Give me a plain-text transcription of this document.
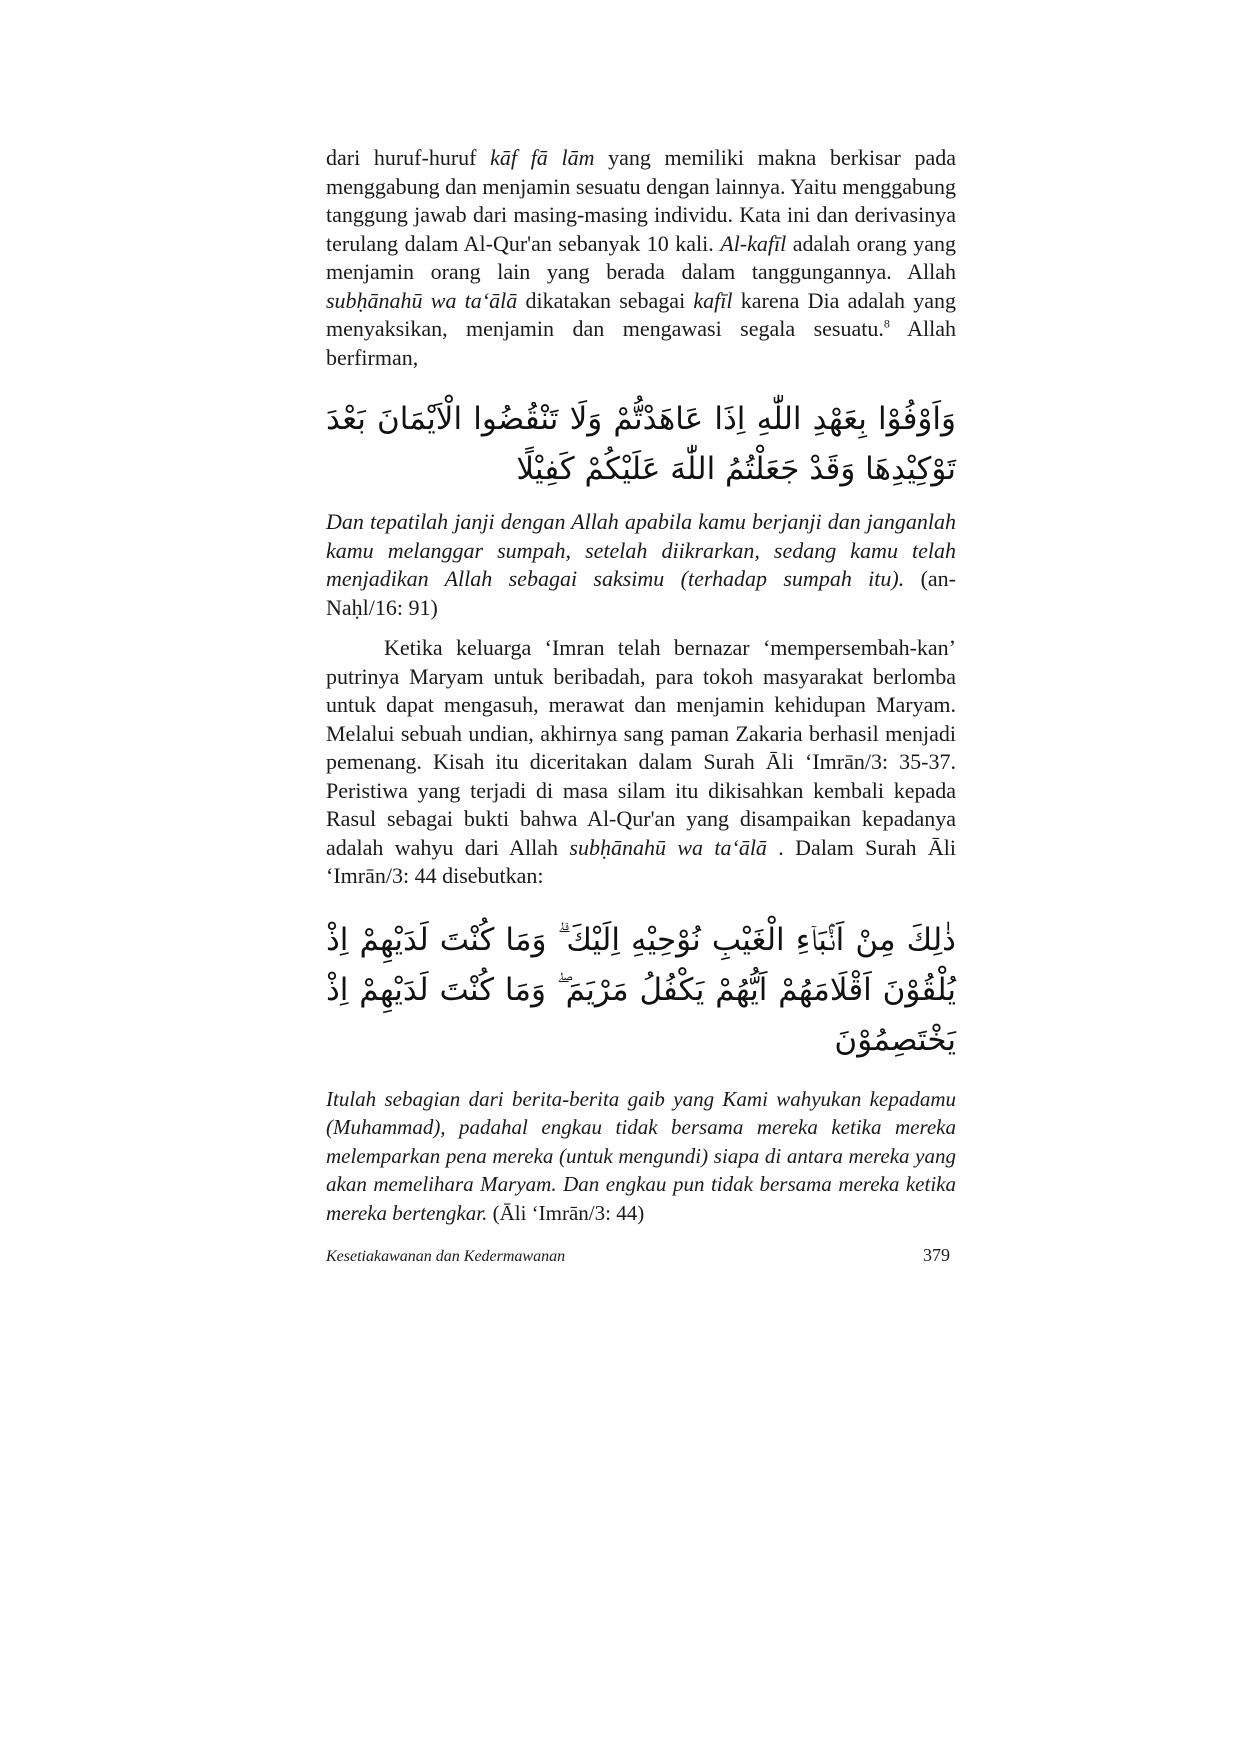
dari huruf-huruf kāf fā lām yang memiliki makna berkisar pada menggabung dan menjamin sesuatu dengan lainnya. Yaitu menggabung tanggung jawab dari masing-masing individu. Kata ini dan derivasinya terulang dalam Al-Qur'an sebanyak 10 kali. Al-kafīl adalah orang yang menjamin orang lain yang berada dalam tanggungannya. Allah subḥānahū wa ta‘ālā dikatakan sebagai kafīl karena Dia adalah yang menyaksikan, menjamin dan mengawasi segala sesuatu.$^8$ Allah berfirman,

وَاَوْفُوْا بِعَهْدِ اللّٰهِ اِذَا عَاهَدْتُّمْ وَلَا تَنْقُضُوا الْاَيْمَانَ بَعْدَ تَوْكِيْدِهَا وَقَدْ جَعَلْتُمُ اللّٰهَ عَلَيْكُمْ كَفِيْلًا

Dan tepatilah janji dengan Allah apabila kamu berjanji dan janganlah kamu melanggar sumpah, setelah diikrarkan, sedang kamu telah menjadikan Allah sebagai saksimu (terhadap sumpah itu). (an-Naḥl/16: 91)

Ketika keluarga ‘Imran telah bernazar ‘mempersembah-kan’ putrinya Maryam untuk beribadah, para tokoh masyarakat berlomba untuk dapat mengasuh, merawat dan menjamin kehidupan Maryam. Melalui sebuah undian, akhirnya sang paman Zakaria berhasil menjadi pemenang. Kisah itu diceritakan dalam Surah Āli ‘Imrān/3: 35-37. Peristiwa yang terjadi di masa silam itu dikisahkan kembali kepada Rasul sebagai bukti bahwa Al-Qur'an yang disampaikan kepadanya adalah wahyu dari Allah subḥānahū wa ta‘ālā . Dalam Surah Āli ‘Imrān/3: 44 disebutkan:

ذٰلِكَ مِنْ اَنْۢبَاۤءِ الْغَيْبِ نُوْحِيْهِ اِلَيْكَ ۗ وَمَا كُنْتَ لَدَيْهِمْ اِذْ يُلْقُوْنَ اَقْلَامَهُمْ اَيُّهُمْ يَكْفُلُ مَرْيَمَ ۖ وَمَا كُنْتَ لَدَيْهِمْ اِذْ يَخْتَصِمُوْنَ

Itulah sebagian dari berita-berita gaib yang Kami wahyukan kepadamu (Muhammad), padahal engkau tidak bersama mereka ketika mereka melemparkan pena mereka (untuk mengundi) siapa di antara mereka yang akan memelihara Maryam. Dan engkau pun tidak bersama mereka ketika mereka bertengkar. (Āli ‘Imrān/3: 44)

Kesetiakawanan dan Kedermawanan	379
